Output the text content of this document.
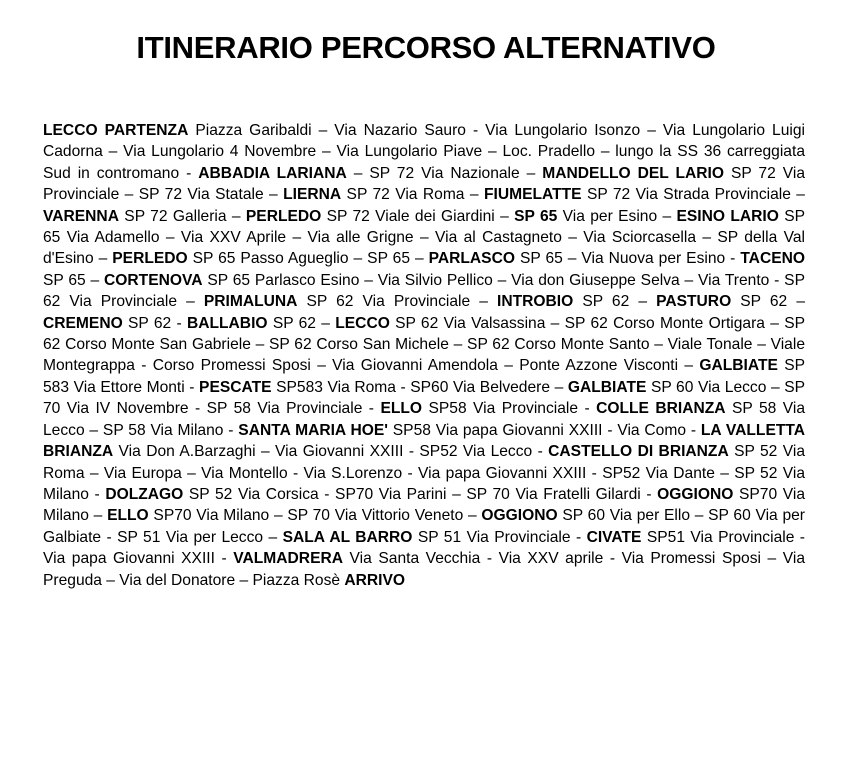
ITINERARIO PERCORSO ALTERNATIVO

LECCO PARTENZA Piazza Garibaldi – Via Nazario Sauro - Via Lungolario Isonzo – Via Lungolario Luigi Cadorna – Via Lungolario 4 Novembre – Via Lungolario Piave – Loc. Pradello – lungo la SS 36 carreggiata Sud in contromano - ABBADIA LARIANA – SP 72 Via Nazionale – MANDELLO DEL LARIO SP 72 Via Provinciale – SP 72 Via Statale – LIERNA SP 72 Via Roma – FIUMELATTE SP 72 Via Strada Provinciale – VARENNA SP 72 Galleria – PERLEDO SP 72 Viale dei Giardini – SP 65 Via per Esino – ESINO LARIO SP 65 Via Adamello – Via XXV Aprile – Via alle Grigne – Via al Castagneto – Via Sciorcasella – SP della Val d'Esino – PERLEDO SP 65 Passo Agueglio – SP 65 – PARLASCO SP 65 – Via Nuova per Esino - TACENO SP 65 – CORTENOVA SP 65 Parlasco Esino – Via Silvio Pellico – Via don Giuseppe Selva – Via Trento - SP 62 Via Provinciale – PRIMALUNA SP 62 Via Provinciale – INTROBIO SP 62 – PASTURO SP 62 – CREMENO SP 62 - BALLABIO SP 62 – LECCO SP 62 Via Valsassina – SP 62 Corso Monte Ortigara – SP 62 Corso Monte San Gabriele – SP 62 Corso San Michele – SP 62 Corso Monte Santo – Viale Tonale – Viale Montegrappa - Corso Promessi Sposi – Via Giovanni Amendola – Ponte Azzone Visconti – GALBIATE SP 583 Via Ettore Monti - PESCATE SP583 Via Roma - SP60 Via Belvedere – GALBIATE SP 60 Via Lecco – SP 70 Via IV Novembre - SP 58 Via Provinciale - ELLO SP58 Via Provinciale - COLLE BRIANZA SP 58 Via Lecco – SP 58 Via Milano - SANTA MARIA HOE' SP58 Via papa Giovanni XXIII - Via Como - LA VALLETTA BRIANZA Via Don A.Barzaghi – Via Giovanni XXIII - SP52 Via Lecco - CASTELLO DI BRIANZA SP 52 Via Roma – Via Europa – Via Montello - Via S.Lorenzo - Via papa Giovanni XXIII - SP52 Via Dante – SP 52 Via Milano - DOLZAGO SP 52 Via Corsica - SP70 Via Parini – SP 70 Via Fratelli Gilardi - OGGIONO SP70 Via Milano – ELLO SP70 Via Milano – SP 70 Via Vittorio Veneto – OGGIONO SP 60 Via per Ello – SP 60 Via per Galbiate - SP 51 Via per Lecco – SALA AL BARRO SP 51 Via Provinciale - CIVATE SP51 Via Provinciale - Via papa Giovanni XXIII - VALMADRERA Via Santa Vecchia - Via XXV aprile - Via Promessi Sposi – Via Preguda – Via del Donatore – Piazza Rosè ARRIVO
